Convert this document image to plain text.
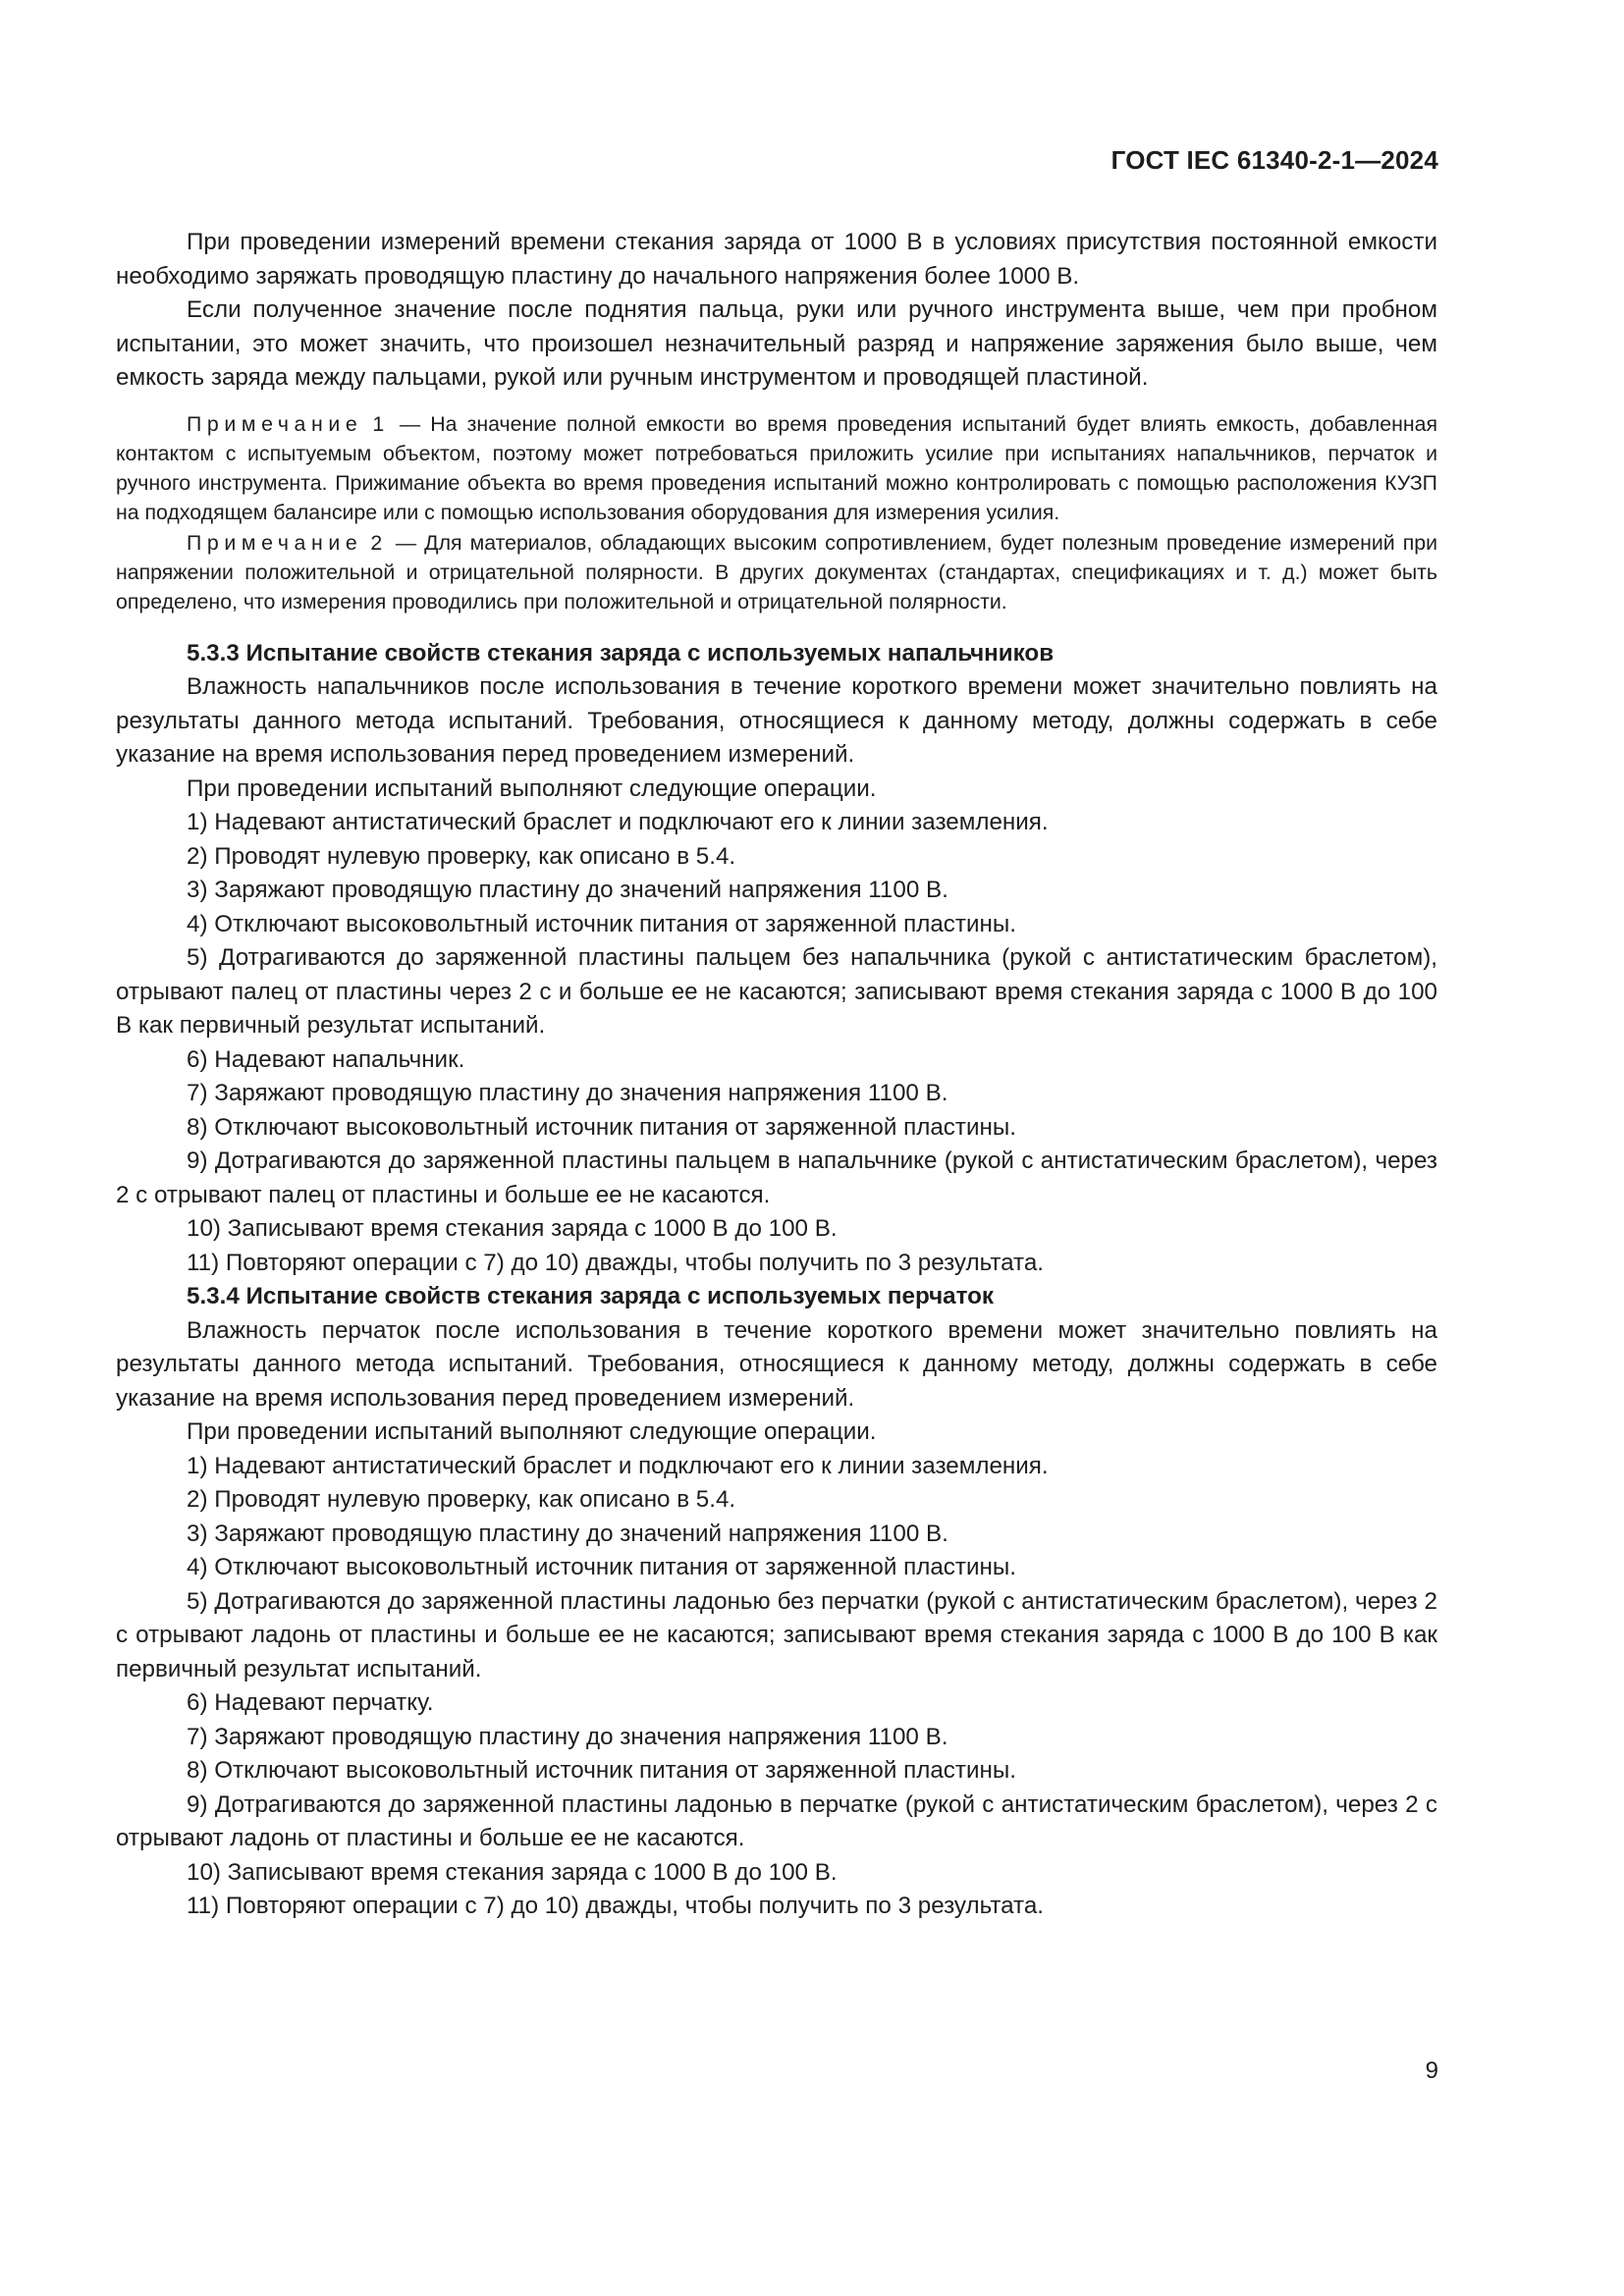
ГОСТ IEC 61340-2-1—2024

При проведении измерений времени стекания заряда от 1000 В в условиях присутствия постоянной емкости необходимо заряжать проводящую пластину до начального напряжения более 1000 В.

Если полученное значение после поднятия пальца, руки или ручного инструмента выше, чем при пробном испытании, это может значить, что произошел незначительный разряд и напряжение заряжения было выше, чем емкость заряда между пальцами, рукой или ручным инструментом и проводящей пластиной.

Примечание 1 — На значение полной емкости во время проведения испытаний будет влиять емкость, добавленная контактом с испытуемым объектом, поэтому может потребоваться приложить усилие при испытаниях напальчников, перчаток и ручного инструмента. Прижимание объекта во время проведения испытаний можно контролировать с помощью расположения КУЗП на подходящем балансире или с помощью использования оборудования для измерения усилия.

Примечание 2 — Для материалов, обладающих высоким сопротивлением, будет полезным проведение измерений при напряжении положительной и отрицательной полярности. В других документах (стандартах, спецификациях и т. д.) может быть определено, что измерения проводились при положительной и отрицательной полярности.

5.3.3 Испытание свойств стекания заряда с используемых напальчников

Влажность напальчников после использования в течение короткого времени может значительно повлиять на результаты данного метода испытаний. Требования, относящиеся к данному методу, должны содержать в себе указание на время использования перед проведением измерений.

При проведении испытаний выполняют следующие операции.

1) Надевают антистатический браслет и подключают его к линии заземления.

2) Проводят нулевую проверку, как описано в 5.4.

3) Заряжают проводящую пластину до значений напряжения 1100 В.

4) Отключают высоковольтный источник питания от заряженной пластины.

5) Дотрагиваются до заряженной пластины пальцем без напальчника (рукой с антистатическим браслетом), отрывают палец от пластины через 2 с и больше ее не касаются; записывают время стекания заряда с 1000 В до 100 В как первичный результат испытаний.

6) Надевают напальчник.

7) Заряжают проводящую пластину до значения напряжения 1100 В.

8) Отключают высоковольтный источник питания от заряженной пластины.

9) Дотрагиваются до заряженной пластины пальцем в напальчнике (рукой с антистатическим браслетом), через 2 с отрывают палец от пластины и больше ее не касаются.

10) Записывают время стекания заряда с 1000 В до 100 В.

11) Повторяют операции с 7) до 10) дважды, чтобы получить по 3 результата.

5.3.4 Испытание свойств стекания заряда с используемых перчаток

Влажность перчаток после использования в течение короткого времени может значительно повлиять на результаты данного метода испытаний. Требования, относящиеся к данному методу, должны содержать в себе указание на время использования перед проведением измерений.

При проведении испытаний выполняют следующие операции.

1) Надевают антистатический браслет и подключают его к линии заземления.

2) Проводят нулевую проверку, как описано в 5.4.

3) Заряжают проводящую пластину до значений напряжения 1100 В.

4) Отключают высоковольтный источник питания от заряженной пластины.

5) Дотрагиваются до заряженной пластины ладонью без перчатки (рукой с антистатическим браслетом), через 2 с отрывают ладонь от пластины и больше ее не касаются; записывают время стекания заряда с 1000 В до 100 В как первичный результат испытаний.

6) Надевают перчатку.

7) Заряжают проводящую пластину до значения напряжения 1100 В.

8) Отключают высоковольтный источник питания от заряженной пластины.

9) Дотрагиваются до заряженной пластины ладонью в перчатке (рукой с антистатическим браслетом), через 2 с отрывают ладонь от пластины и больше ее не касаются.

10) Записывают время стекания заряда с 1000 В до 100 В.

11) Повторяют операции с 7) до 10) дважды, чтобы получить по 3 результата.

9
